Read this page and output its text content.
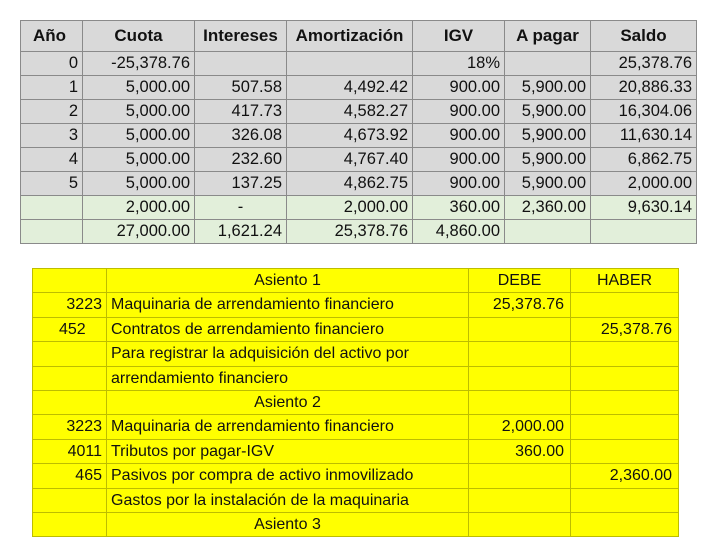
Año	Cuota	Intereses	Amortización	IGV	A pagar	Saldo
0	-25,378.76			18%		25,378.76
1	5,000.00	507.58	4,492.42	900.00	5,900.00	20,886.33
2	5,000.00	417.73	4,582.27	900.00	5,900.00	16,304.06
3	5,000.00	326.08	4,673.92	900.00	5,900.00	11,630.14
4	5,000.00	232.60	4,767.40	900.00	5,900.00	6,862.75
5	5,000.00	137.25	4,862.75	900.00	5,900.00	2,000.00
	2,000.00	-	2,000.00	360.00	2,360.00	9,630.14
	27,000.00	1,621.24	25,378.76	4,860.00		
	Asiento 1	DEBE	HABER
3223	Maquinaria de arrendamiento financiero	25,378.76	
452	Contratos de arrendamiento financiero		25,378.76
	Para registrar la adquisición del activo por		
	arrendamiento financiero		
	Asiento 2		
3223	Maquinaria de arrendamiento financiero	2,000.00	
4011	Tributos por pagar-IGV	360.00	
465	Pasivos por compra de activo inmovilizado		2,360.00
	Gastos por la instalación de la maquinaria		
	Asiento 3		
